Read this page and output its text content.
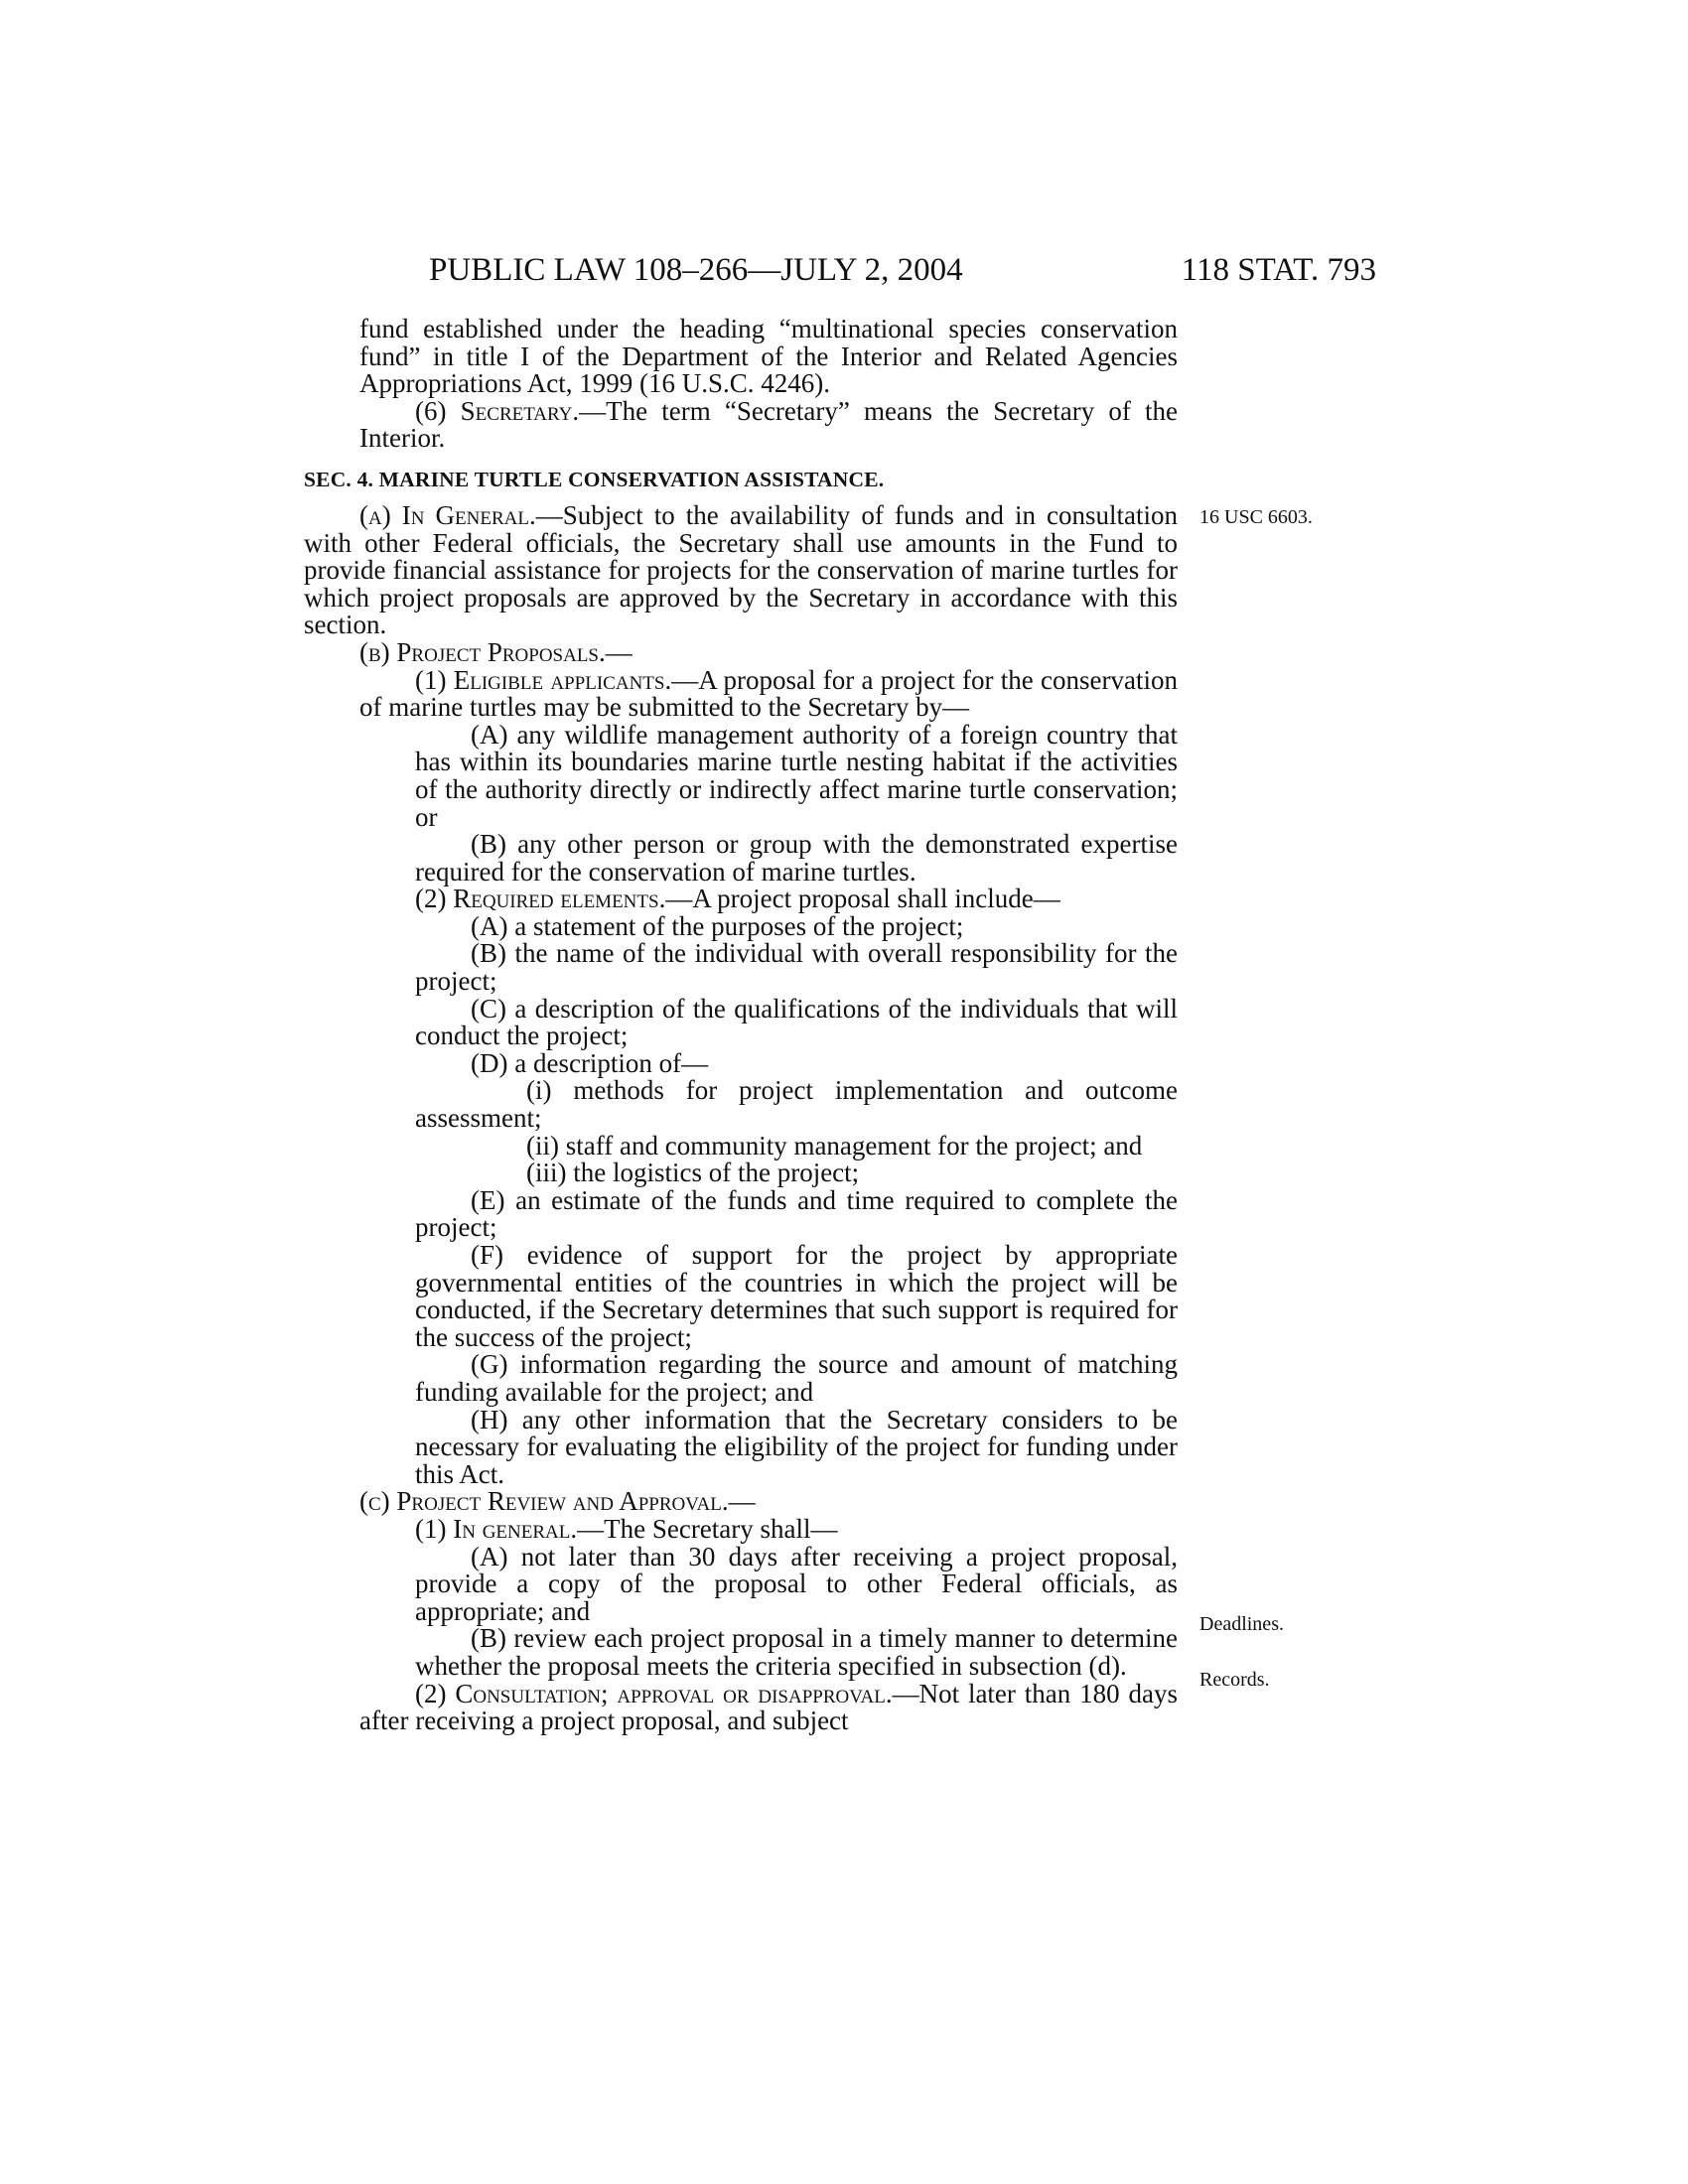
PUBLIC LAW 108–266—JULY 2, 2004	118 STAT. 793
16 USC 6603.
Deadlines.
Records.

fund established under the heading “multinational species conservation fund” in title I of the Department of the Interior and Related Agencies Appropriations Act, 1999 (16 U.S.C. 4246).

(6) Secretary.—The term “Secretary” means the Secretary of the Interior.

SEC. 4. MARINE TURTLE CONSERVATION ASSISTANCE.

(a) In General.—Subject to the availability of funds and in consultation with other Federal officials, the Secretary shall use amounts in the Fund to provide financial assistance for projects for the conservation of marine turtles for which project proposals are approved by the Secretary in accordance with this section.

(b) Project Proposals.—

(1) Eligible applicants.—A proposal for a project for the conservation of marine turtles may be submitted to the Secretary by—

(A) any wildlife management authority of a foreign country that has within its boundaries marine turtle nesting habitat if the activities of the authority directly or indirectly affect marine turtle conservation; or

(B) any other person or group with the demonstrated expertise required for the conservation of marine turtles.

(2) Required elements.—A project proposal shall include—

(A) a statement of the purposes of the project;

(B) the name of the individual with overall responsibility for the project;

(C) a description of the qualifications of the individuals that will conduct the project;

(D) a description of—

(i) methods for project implementation and outcome assessment;

(ii) staff and community management for the project; and

(iii) the logistics of the project;

(E) an estimate of the funds and time required to complete the project;

(F) evidence of support for the project by appropriate governmental entities of the countries in which the project will be conducted, if the Secretary determines that such support is required for the success of the project;

(G) information regarding the source and amount of matching funding available for the project; and

(H) any other information that the Secretary considers to be necessary for evaluating the eligibility of the project for funding under this Act.

(c) Project Review and Approval.—

(1) In general.—The Secretary shall—

(A) not later than 30 days after receiving a project proposal, provide a copy of the proposal to other Federal officials, as appropriate; and

(B) review each project proposal in a timely manner to determine whether the proposal meets the criteria specified in subsection (d).

(2) Consultation; approval or disapproval.—Not later than 180 days after receiving a project proposal, and subject
